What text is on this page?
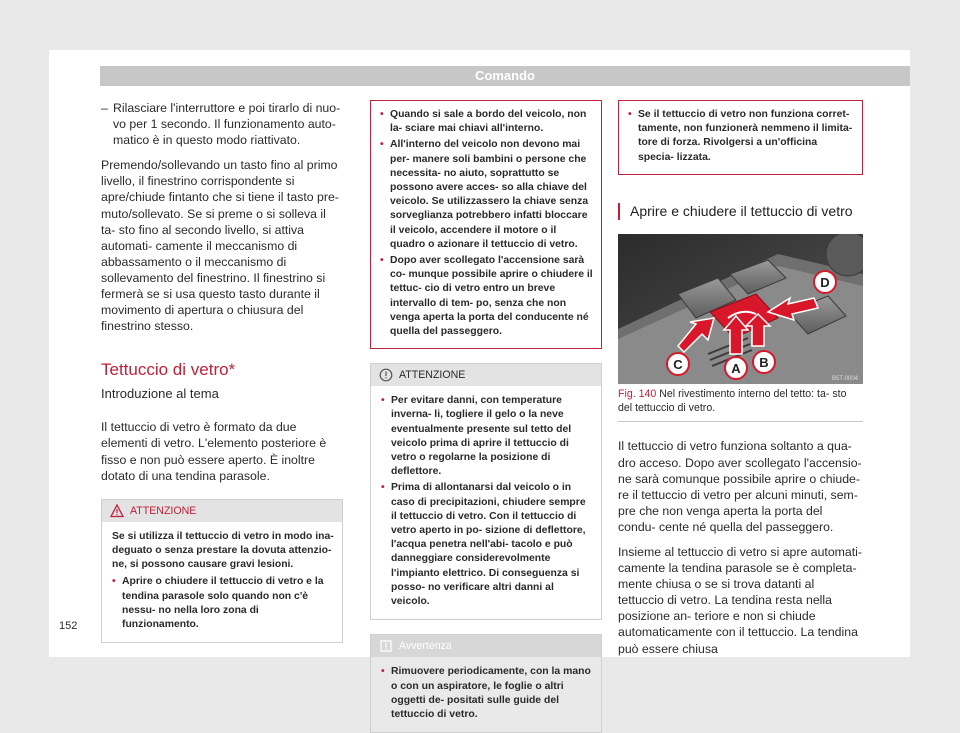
Comando

– Rilasciare l'interruttore e poi tirarlo di nuo- vo per 1 secondo. Il funzionamento auto- matico è in questo modo riattivato.

Premendo/sollevando un tasto fino al primo livello, il finestrino corrispondente si apre/chiude fintanto che si tiene il tasto pre- muto/sollevato. Se si preme o si solleva il ta- sto fino al secondo livello, si attiva automati- camente il meccanismo di abbassamento o il meccanismo di sollevamento del finestrino. Il finestrino si fermerà se si usa questo tasto durante il movimento di apertura o chiusura del finestrino stesso.

Tettuccio di vetro*
Introduzione al tema

Il tettuccio di vetro è formato da due elementi di vetro. L'elemento posteriore è fisso e non può essere aperto. È inoltre dotato di una tendina parasole.

ATTENZIONE

Se si utilizza il tettuccio di vetro in modo ina- deguato o senza prestare la dovuta attenzio- ne, si possono causare gravi lesioni.

• Aprire o chiudere il tettuccio di vetro e la tendina parasole solo quando non c'è nessu- no nella loro zona di funzionamento.
• Quando si sale a bordo del veicolo, non la- sciare mai chiavi all'interno.
• All'interno del veicolo non devono mai per- manere soli bambini o persone che necessita- no aiuto, soprattutto se possono avere acces- so alla chiave del veicolo. Se utilizzassero la chiave senza sorveglianza potrebbero infatti bloccare il veicolo, accendere il motore o il quadro o azionare il tettuccio di vetro.
• Dopo aver scollegato l'accensione sarà co- munque possibile aprire o chiudere il tettuc- cio di vetro entro un breve intervallo di tem- po, senza che non venga aperta la porta del conducente né quella del passeggero.
ATTENZIONE
• Per evitare danni, con temperature inverna- li, togliere il gelo o la neve eventualmente presente sul tetto del veicolo prima di aprire il tettuccio di vetro o regolarne la posizione di deflettore.
• Prima di allontanarsi dal veicolo o in caso di precipitazioni, chiudere sempre il tettuccio di vetro. Con il tettuccio di vetro aperto in po- sizione di deflettore, l'acqua penetra nell'abi- tacolo e può danneggiare considerevolmente l'impianto elettrico. Di conseguenza si posso- no verificare altri danni al veicolo.
Avvertenza
• Rimuovere periodicamente, con la mano o con un aspiratore, le foglie o altri oggetti de- positati sulle guide del tettuccio di vetro.
• Se il tettuccio di vetro non funziona corret- tamente, non funzionerà nemmeno il limita- tore di forza. Rivolgersi a un'officina specia- lizzata.
Aprire e chiudere il tettuccio di vetro
C	A B
D
B5T-0004

Fig. 140 Nel rivestimento interno del tetto: ta- sto del tettuccio di vetro.

Il tettuccio di vetro funziona soltanto a qua- dro acceso. Dopo aver scollegato l'accensio- ne sarà comunque possibile aprire o chiude- re il tettuccio di vetro per alcuni minuti, sem- pre che non venga aperta la porta del condu- cente né quella del passeggero.

Insieme al tettuccio di vetro si apre automati- camente la tendina parasole se è completa- mente chiusa o se si trova datanti al tettuccio di vetro. La tendina resta nella posizione an- teriore e non si chiude automaticamente con il tettuccio. La tendina può essere chiusa

152
